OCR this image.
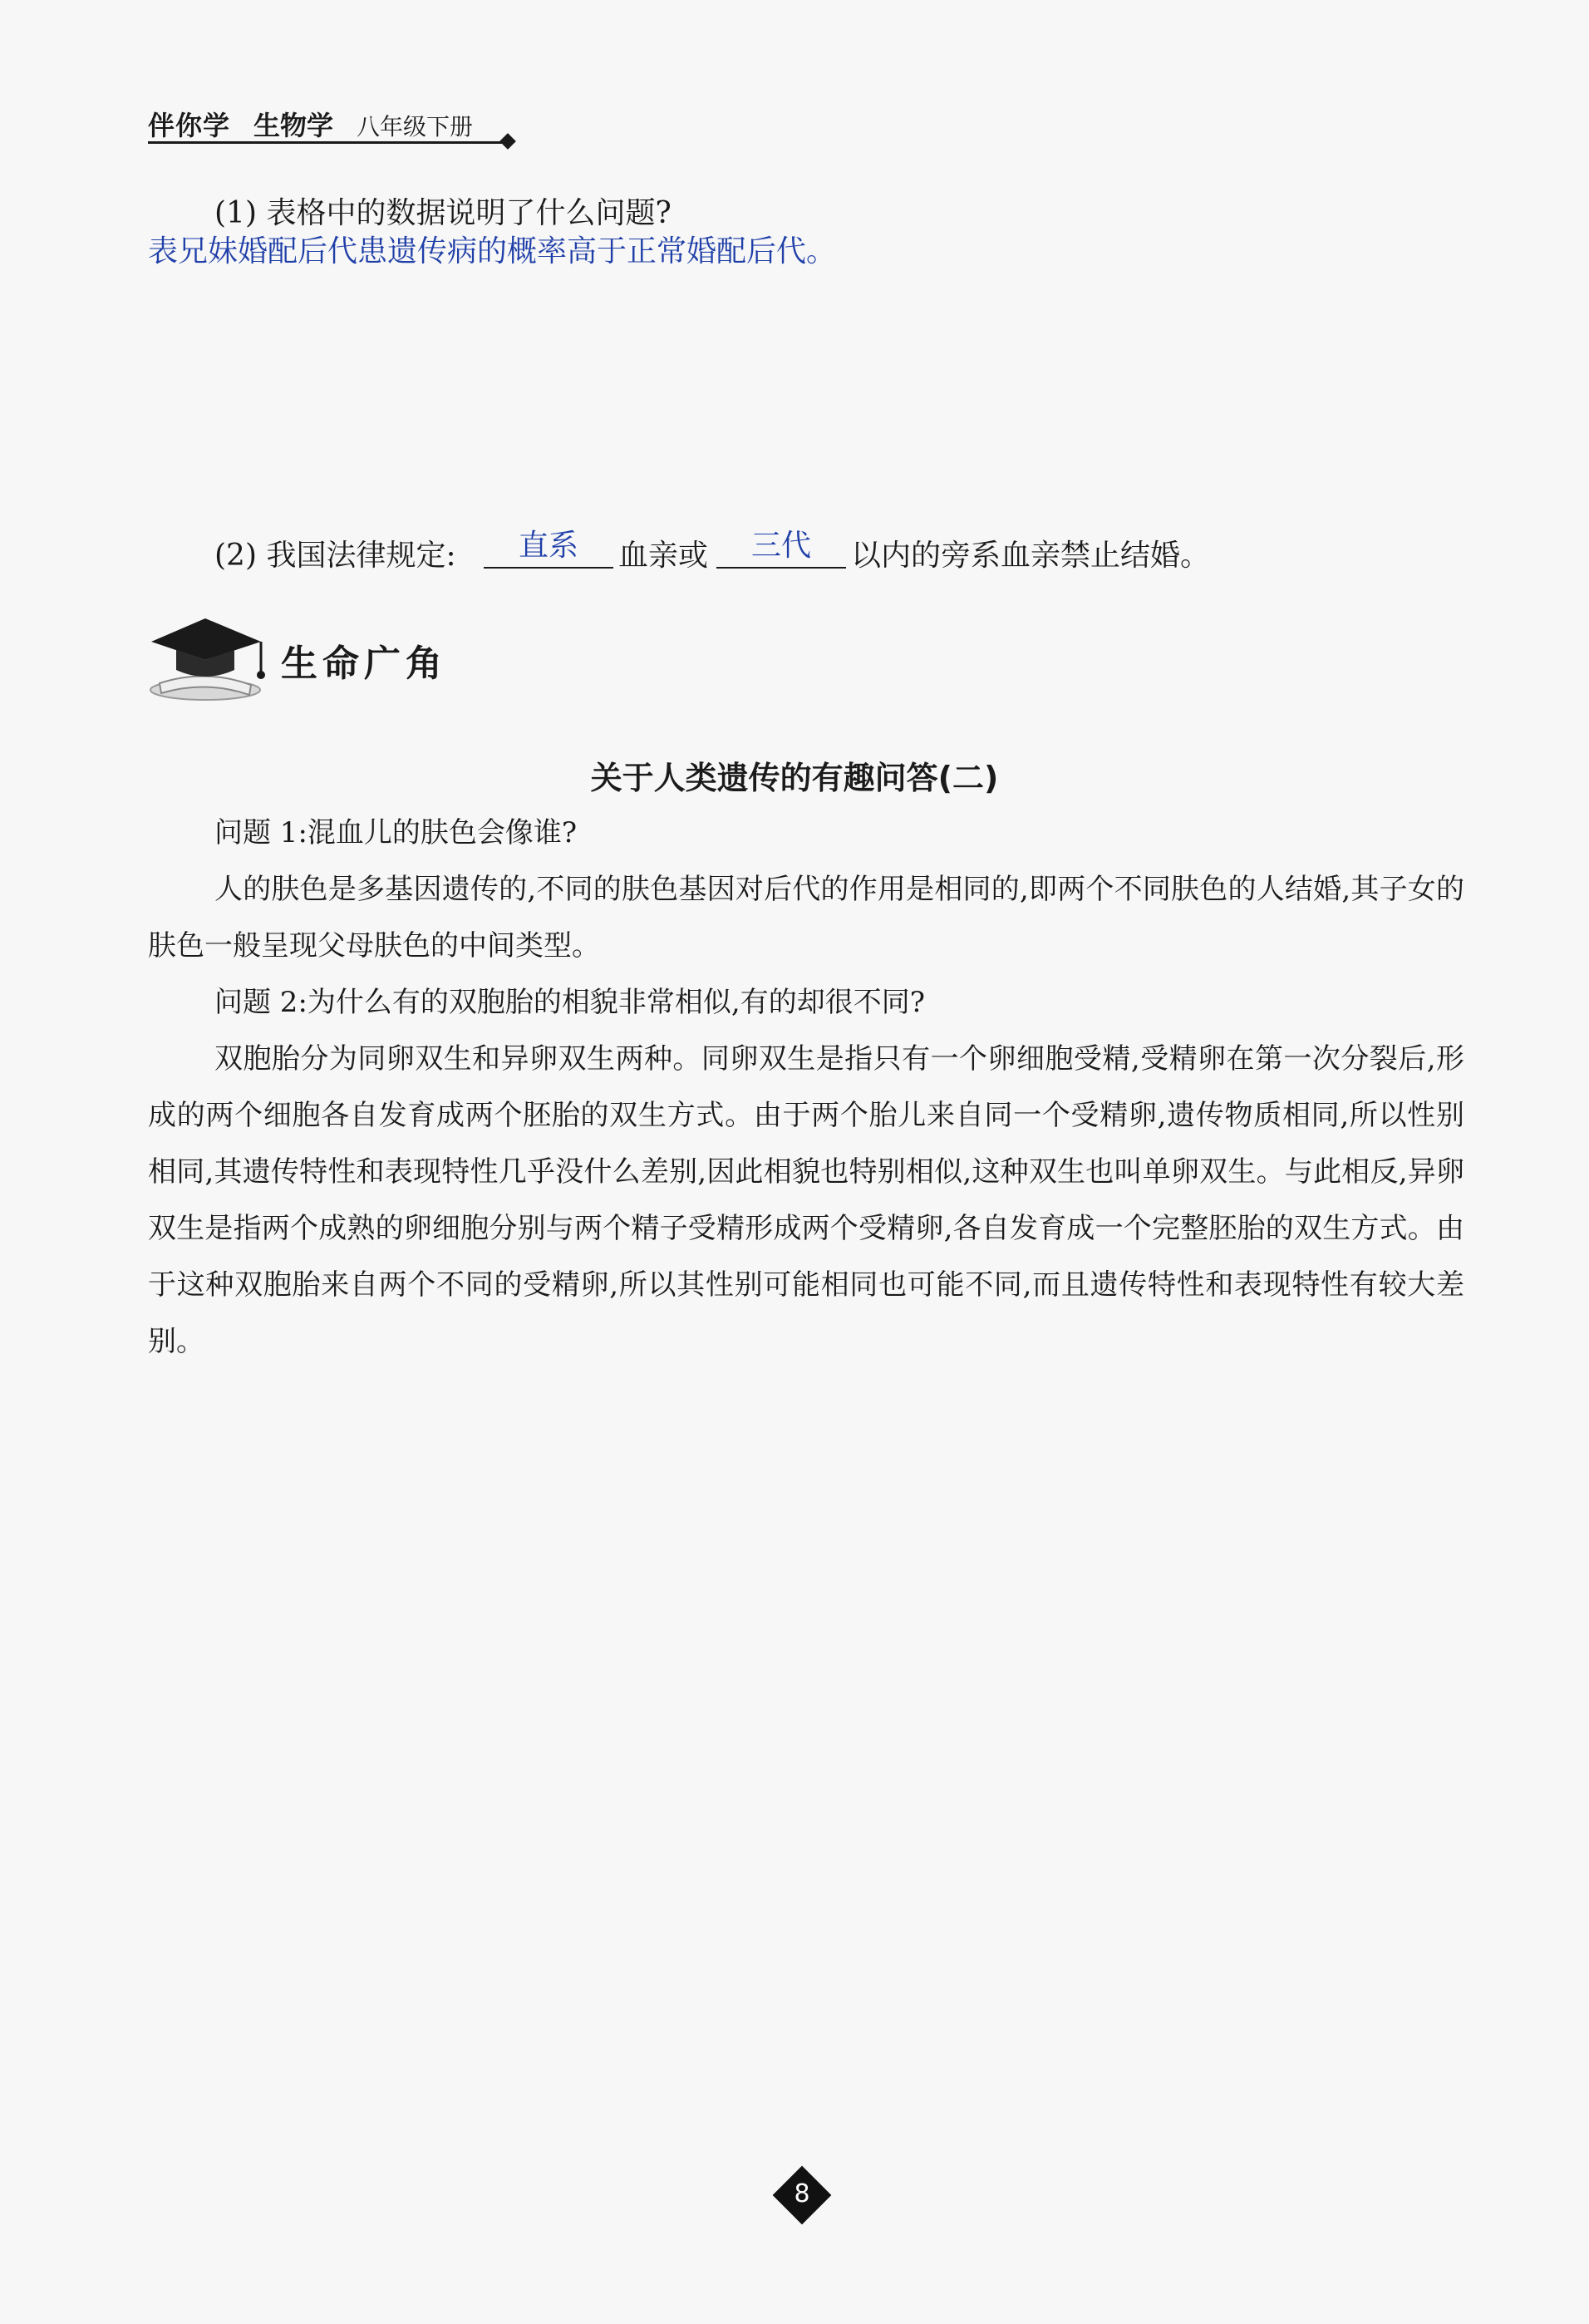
伴你学 生物学 八年级下册
(1) 表格中的数据说明了什么问题?
表兄妹婚配后代患遗传病的概率高于正常婚配后代。
(2) 我国法律规定:	直系	血亲或	三代	以内的旁系血亲禁止结婚。
生命广角
关于人类遗传的有趣问答(二)
问题 1:混血儿的肤色会像谁?
人的肤色是多基因遗传的,不同的肤色基因对后代的作用是相同的,即两个不同肤色的人结婚,其子女的肤色一般呈现父母肤色的中间类型。
问题 2:为什么有的双胞胎的相貌非常相似,有的却很不同?
双胞胎分为同卵双生和异卵双生两种。同卵双生是指只有一个卵细胞受精,受精卵在第一次分裂后,形成的两个细胞各自发育成两个胚胎的双生方式。由于两个胎儿来自同一个受精卵,遗传物质相同,所以性别相同,其遗传特性和表现特性几乎没什么差别,因此相貌也特别相似,这种双生也叫单卵双生。与此相反,异卵双生是指两个成熟的卵细胞分别与两个精子受精形成两个受精卵,各自发育成一个完整胚胎的双生方式。由于这种双胞胎来自两个不同的受精卵,所以其性别可能相同也可能不同,而且遗传特性和表现特性有较大差别。
8
